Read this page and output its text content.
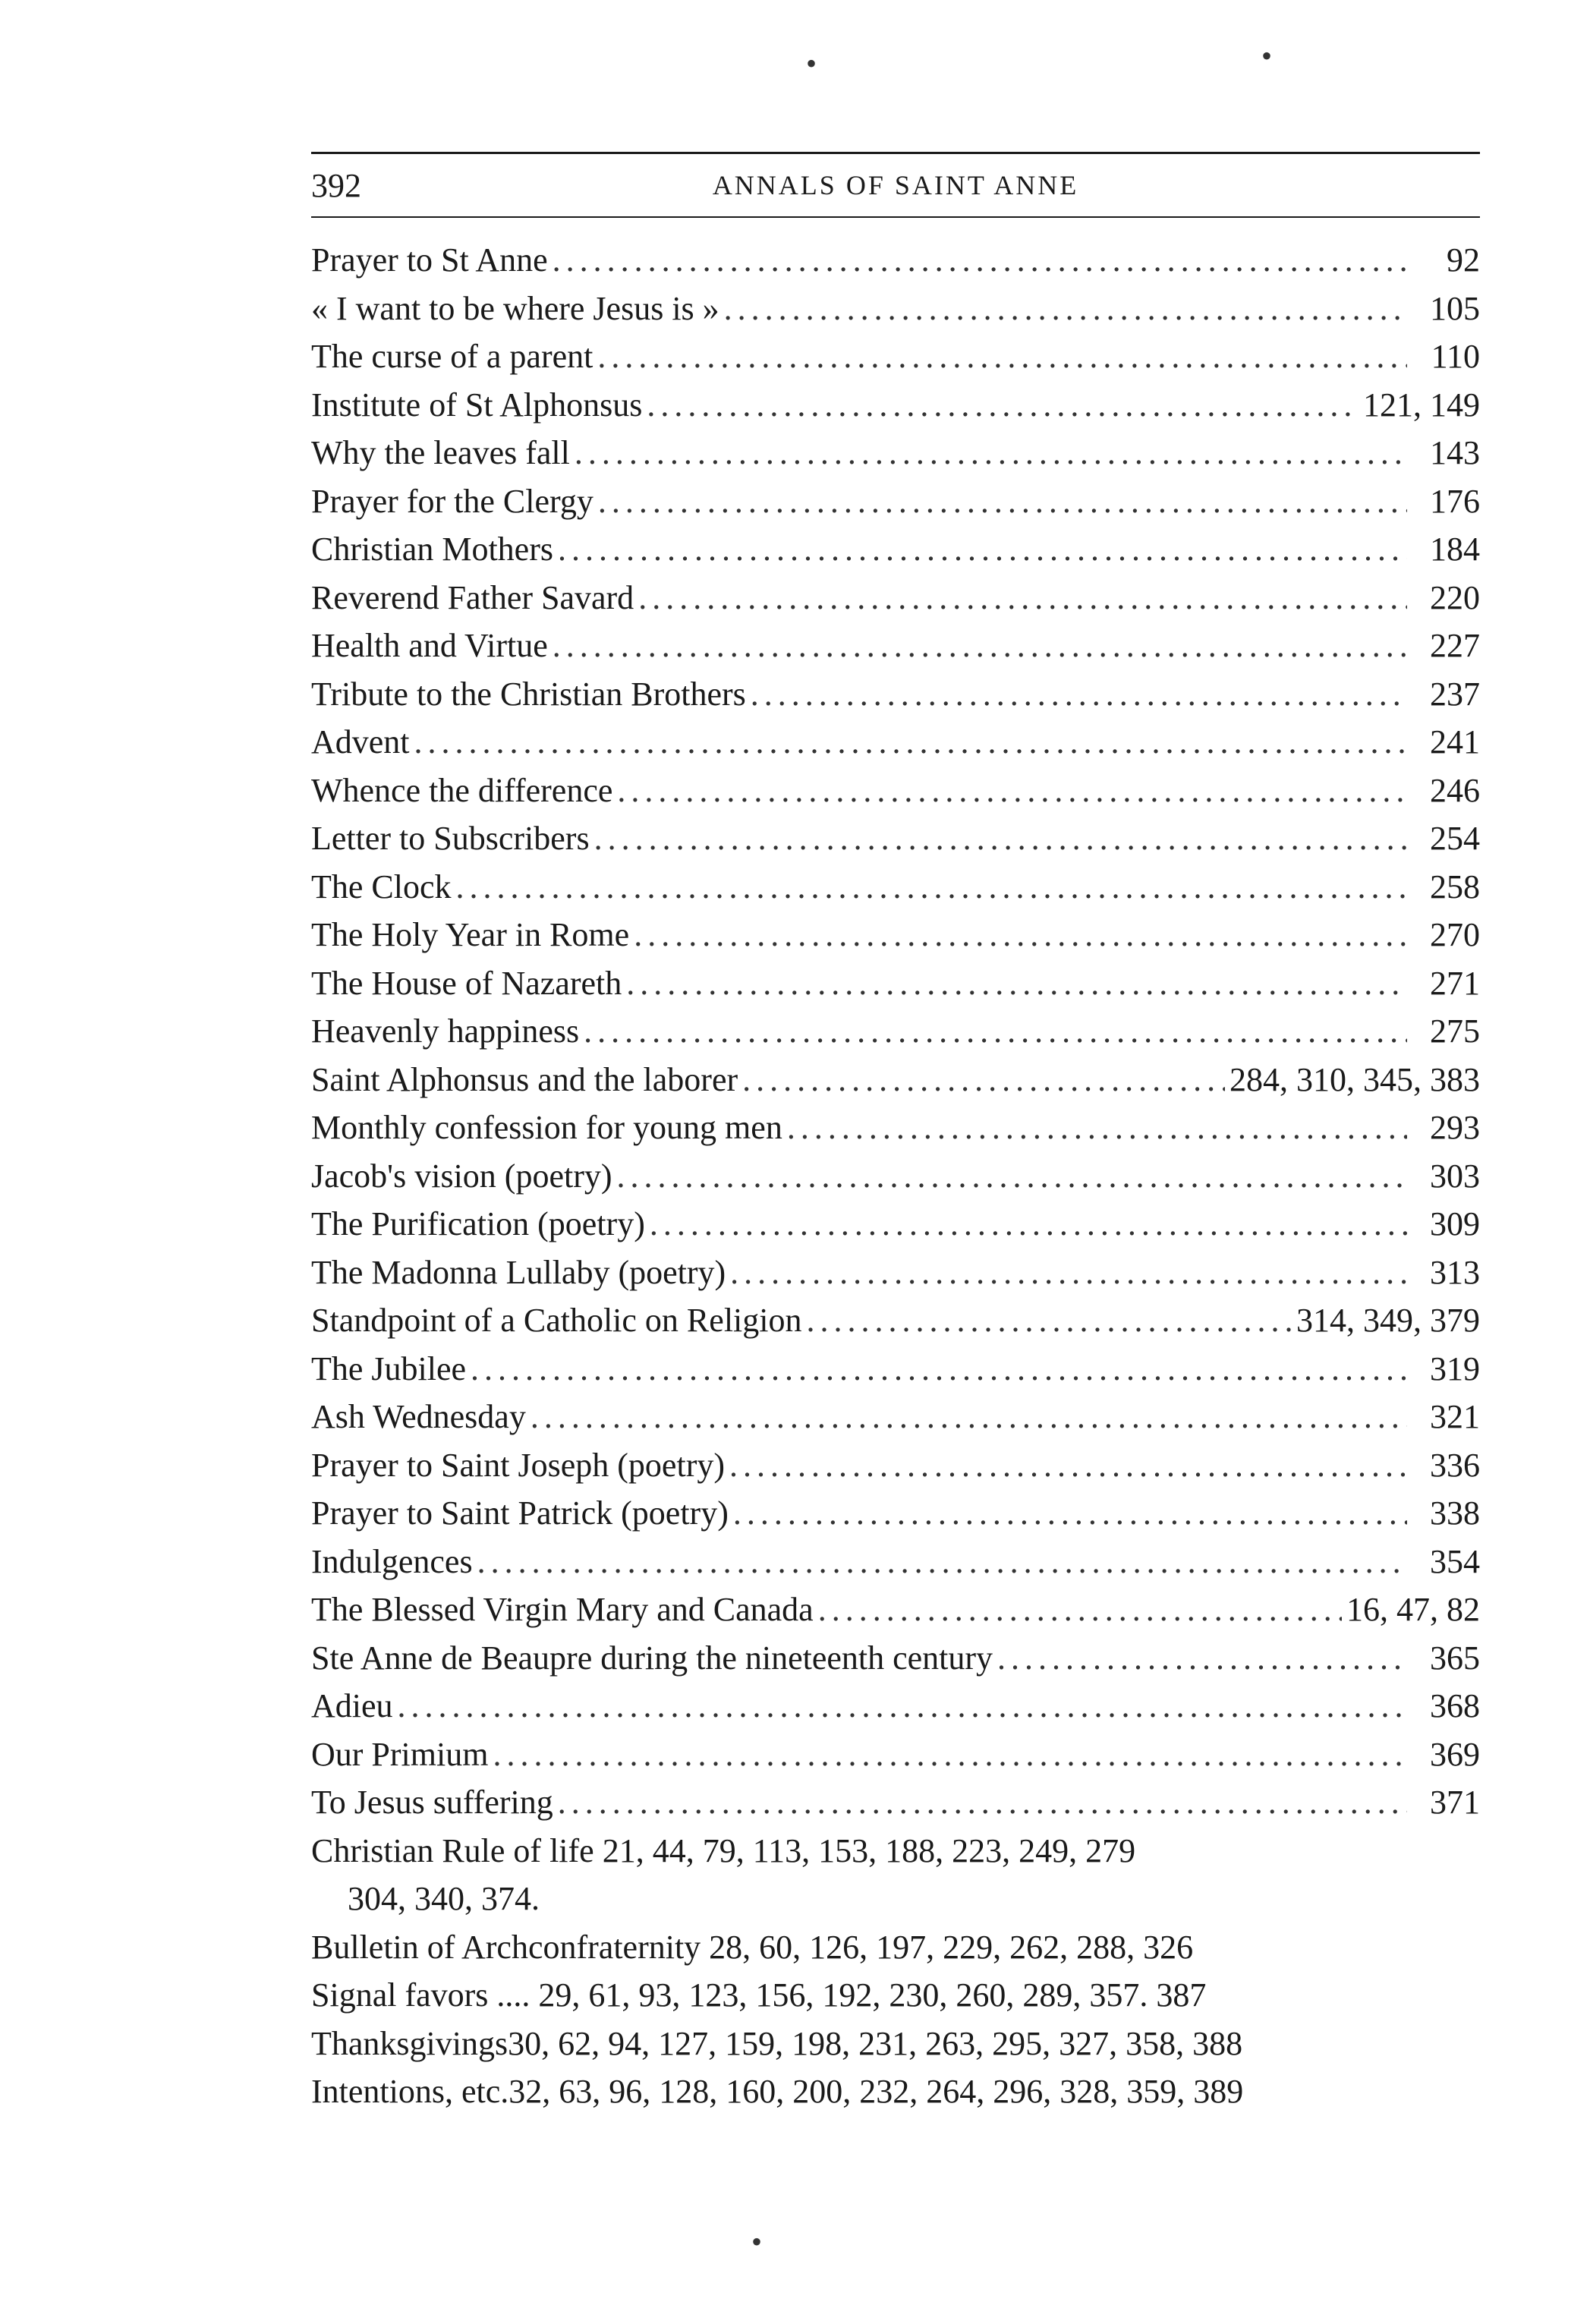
•	•
•
392	ANNALS OF SAINT ANNE
Prayer to St Anne .....	92
« I want to be where Jesus is » .....	105
The curse of a parent .....	110
Institute of St Alphonsus .....	121, 149
Why the leaves fall .....	143
Prayer for the Clergy .....	176
Christian Mothers .....	184
Reverend Father Savard .....	220
Health and Virtue .....	227
Tribute to the Christian Brothers .....	237
Advent .....	241
Whence the difference .....	246
Letter to Subscribers .....	254
The Clock .....	258
The Holy Year in Rome .....	270
The House of Nazareth .....	271
Heavenly happiness .....	275
Saint Alphonsus and the laborer .....	284, 310, 345, 383
Monthly confession for young men .....	293
Jacob's vision (poetry) .....	303
The Purification (poetry) .....	309
The Madonna Lullaby (poetry) .....	313
Standpoint of a Catholic on Religion .....	314, 349, 379
The Jubilee .....	319
Ash Wednesday .....	321
Prayer to Saint Joseph (poetry) .....	336
Prayer to Saint Patrick (poetry) .....	338
Indulgences .....	354
The Blessed Virgin Mary and Canada .....	16, 47, 82
Ste Anne de Beaupre during the nineteenth century .....	365
Adieu .....	368
Our Primium .....	369
To Jesus suffering .....	371
Christian Rule of life 21, 44, 79, 113, 153, 188, 223, 249, 279
304, 340, 374.
Bulletin of Archconfraternity 28, 60, 126, 197, 229, 262, 288, 326
Signal favors .... 29, 61, 93, 123, 156, 192, 230, 260, 289, 357. 387
Thanksgivings30, 62, 94, 127, 159, 198, 231, 263, 295, 327, 358, 388
Intentions, etc.32, 63, 96, 128, 160, 200, 232, 264, 296, 328, 359, 389
